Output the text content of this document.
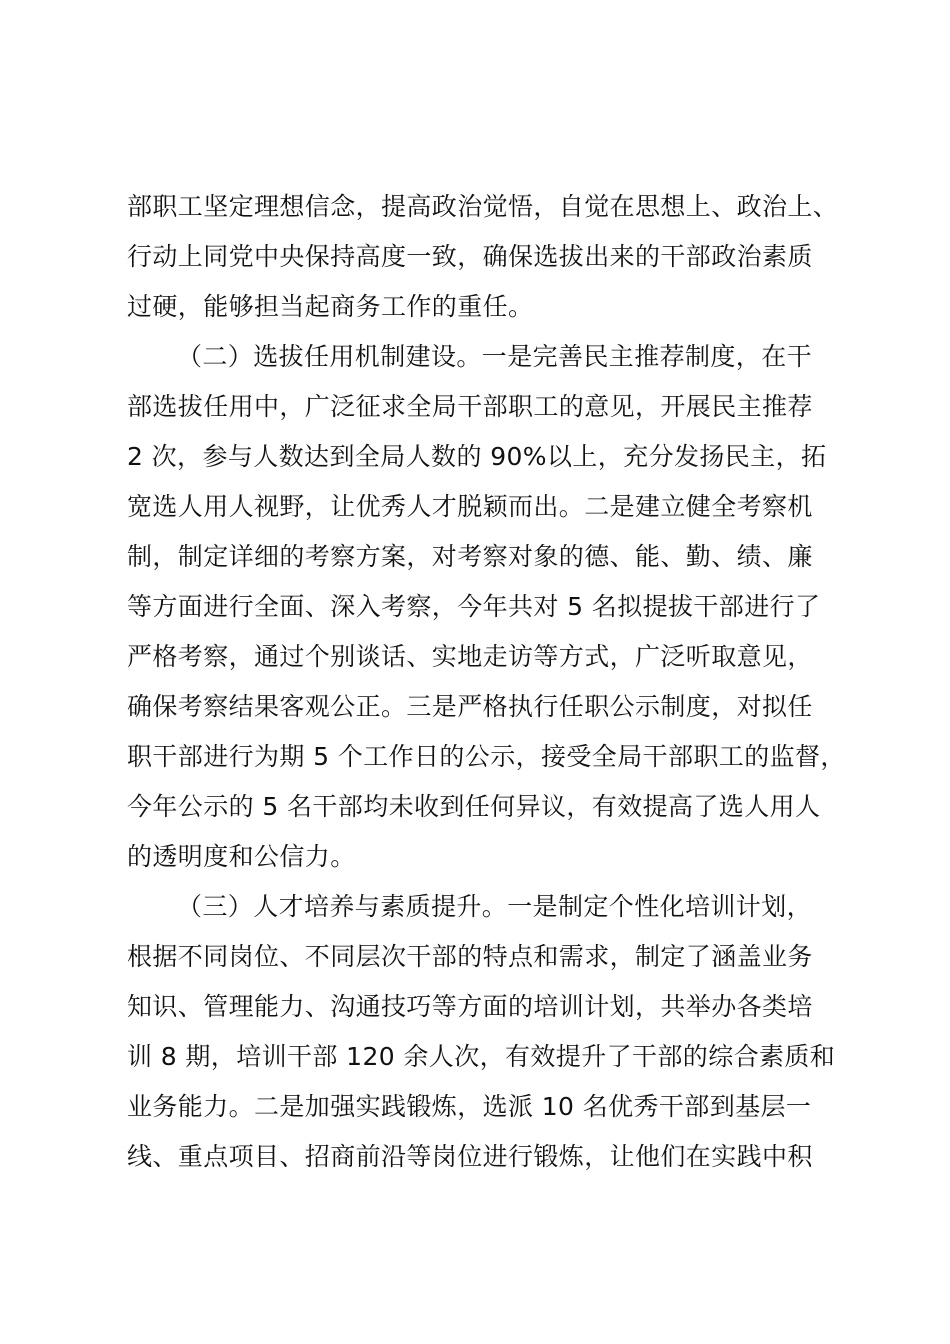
部职工坚定理想信念，提高政治觉悟，自觉在思想上、政治上、
行动上同党中央保持高度一致，确保选拔出来的干部政治素质
过硬，能够担当起商务工作的重任。
（二）选拔任用机制建设。一是完善民主推荐制度，在干
部选拔任用中，广泛征求全局干部职工的意见，开展民主推荐
2 次，参与人数达到全局人数的 90%以上，充分发扬民主，拓
宽选人用人视野，让优秀人才脱颖而出。二是建立健全考察机
制，制定详细的考察方案，对考察对象的德、能、勤、绩、廉
等方面进行全面、深入考察，今年共对 5 名拟提拔干部进行了
严格考察，通过个别谈话、实地走访等方式，广泛听取意见，
确保考察结果客观公正。三是严格执行任职公示制度，对拟任
职干部进行为期 5 个工作日的公示，接受全局干部职工的监督，
今年公示的 5 名干部均未收到任何异议，有效提高了选人用人
的透明度和公信力。
（三）人才培养与素质提升。一是制定个性化培训计划，
根据不同岗位、不同层次干部的特点和需求，制定了涵盖业务
知识、管理能力、沟通技巧等方面的培训计划，共举办各类培
训 8 期，培训干部 120 余人次，有效提升了干部的综合素质和
业务能力。二是加强实践锻炼，选派 10 名优秀干部到基层一
线、重点项目、招商前沿等岗位进行锻炼，让他们在实践中积
